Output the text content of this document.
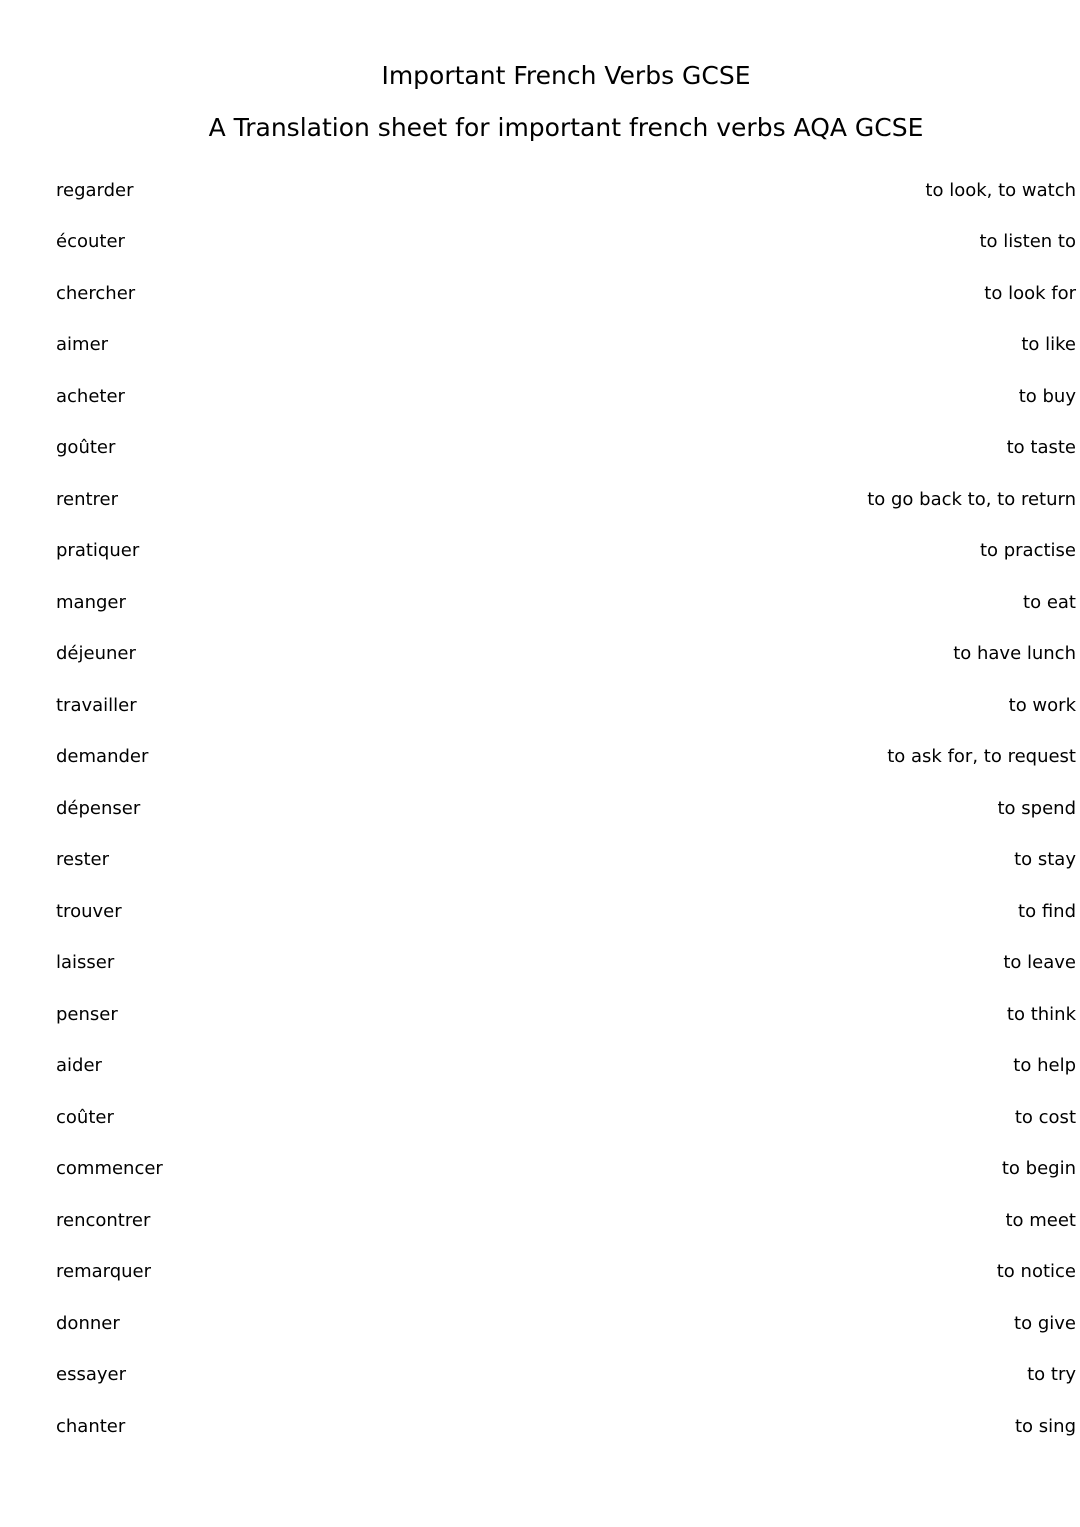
Important French Verbs GCSE
A Translation sheet for important french verbs AQA GCSE
regarder	to look, to watch
écouter	to listen to
chercher	to look for
aimer	to like
acheter	to buy
goûter	to taste
rentrer	to go back to, to return
pratiquer	to practise
manger	to eat
déjeuner	to have lunch
travailler	to work
demander	to ask for, to request
dépenser	to spend
rester	to stay
trouver	to find
laisser	to leave
penser	to think
aider	to help
coûter	to cost
commencer	to begin
rencontrer	to meet
remarquer	to notice
donner	to give
essayer	to try
chanter	to sing
